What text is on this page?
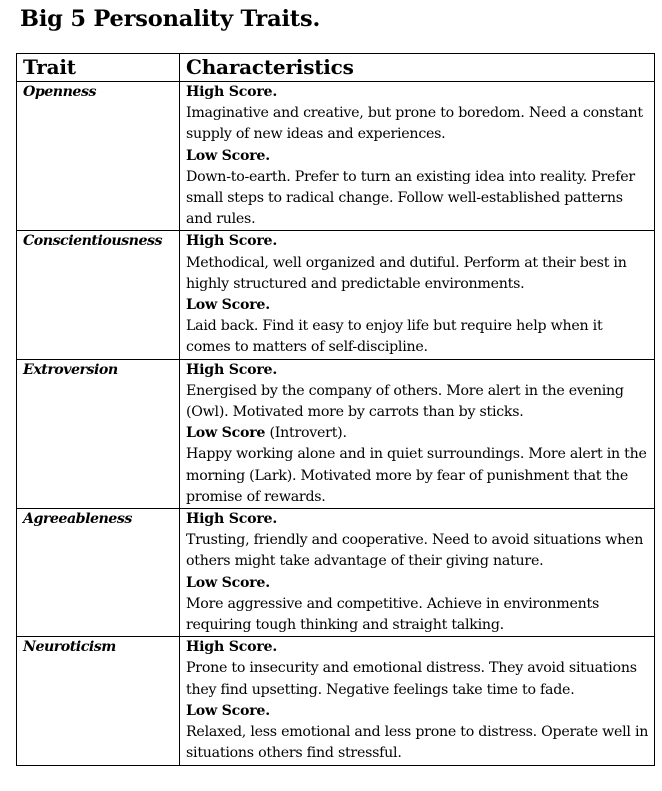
Big 5 Personality Traits.
Trait	Characteristics
Openness	High Score.
Imaginative and creative, but prone to boredom. Need a constant supply of new ideas and experiences.
Low Score.
Down-to-earth. Prefer to turn an existing idea into reality. Prefer small steps to radical change. Follow well-established patterns and rules.

Conscientiousness	High Score.
Methodical, well organized and dutiful. Perform at their best in highly structured and predictable environments.
Low Score.
Laid back. Find it easy to enjoy life but require help when it comes to matters of self-discipline.

Extroversion	High Score.
Energised by the company of others. More alert in the evening (Owl). Motivated more by carrots than by sticks.
Low Score (Introvert).
Happy working alone and in quiet surroundings. More alert in the morning (Lark). Motivated more by fear of punishment that the promise of rewards.

Agreeableness	High Score.
Trusting, friendly and cooperative. Need to avoid situations when others might take advantage of their giving nature.
Low Score.
More aggressive and competitive. Achieve in environments requiring tough thinking and straight talking.

Neuroticism	High Score.
Prone to insecurity and emotional distress. They avoid situations they find upsetting. Negative feelings take time to fade.
Low Score.
Relaxed, less emotional and less prone to distress. Operate well in situations others find stressful.
